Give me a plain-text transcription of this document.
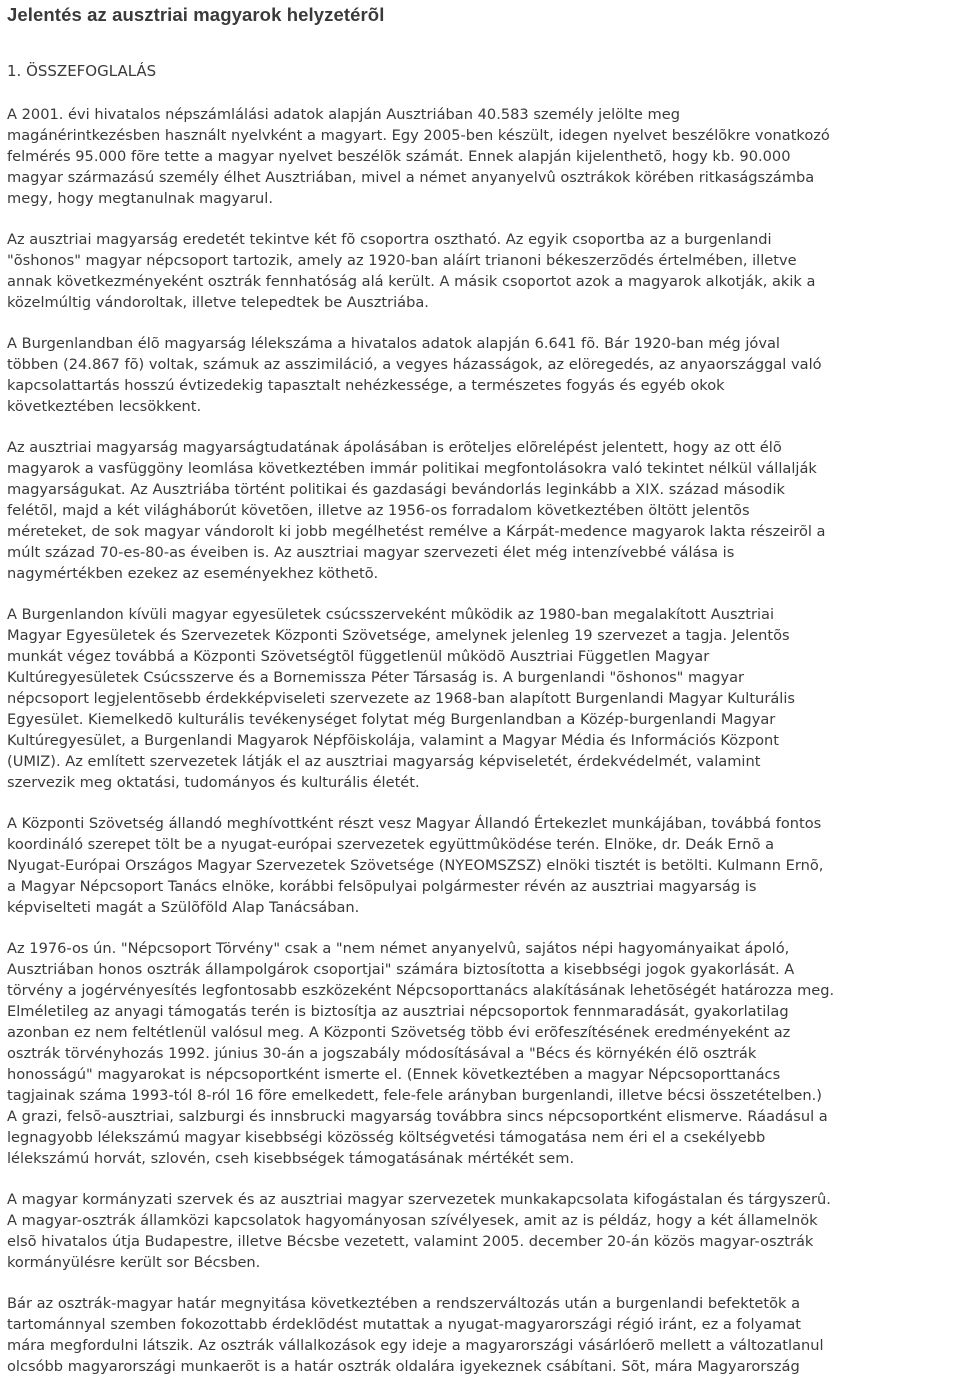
Jelentés az ausztriai magyarok helyzetérõl
1. ÖSSZEFOGLALÁS

A 2001. évi hivatalos népszámlálási adatok alapján Ausztriában 40.583 személy jelölte meg
magánérintkezésben használt nyelvként a magyart. Egy 2005-ben készült, idegen nyelvet beszélõkre vonatkozó
felmérés 95.000 fõre tette a magyar nyelvet beszélõk számát. Ennek alapján kijelenthetõ, hogy kb. 90.000
magyar származású személy élhet Ausztriában, mivel a német anyanyelvû osztrákok körében ritkaságszámba
megy, hogy megtanulnak magyarul.

Az ausztriai magyarság eredetét tekintve két fõ csoportra osztható. Az egyik csoportba az a burgenlandi
"õshonos" magyar népcsoport tartozik, amely az 1920-ban aláírt trianoni békeszerzõdés értelmében, illetve
annak következményeként osztrák fennhatóság alá került. A másik csoportot azok a magyarok alkotják, akik a
közelmúltig vándoroltak, illetve telepedtek be Ausztriába.

A Burgenlandban élõ magyarság lélekszáma a hivatalos adatok alapján 6.641 fõ. Bár 1920-ban még jóval
többen (24.867 fõ) voltak, számuk az asszimiláció, a vegyes házasságok, az elöregedés, az anyaországgal való
kapcsolattartás hosszú évtizedekig tapasztalt nehézkessége, a természetes fogyás és egyéb okok
következtében lecsökkent.

Az ausztriai magyarság magyarságtudatának ápolásában is erõteljes elõrelépést jelentett, hogy az ott élõ
magyarok a vasfüggöny leomlása következtében immár politikai megfontolásokra való tekintet nélkül vállalják
magyarságukat. Az Ausztriába történt politikai és gazdasági bevándorlás leginkább a XIX. század második
felétõl, majd a két világháborút követõen, illetve az 1956-os forradalom következtében öltött jelentõs
méreteket, de sok magyar vándorolt ki jobb megélhetést remélve a Kárpát-medence magyarok lakta részeirõl a
múlt század 70-es-80-as éveiben is. Az ausztriai magyar szervezeti élet még intenzívebbé válása is
nagymértékben ezekez az eseményekhez köthetõ.

A Burgenlandon kívüli magyar egyesületek csúcsszerveként mûködik az 1980-ban megalakított Ausztriai
Magyar Egyesületek és Szervezetek Központi Szövetsége, amelynek jelenleg 19 szervezet a tagja. Jelentõs
munkát végez továbbá a Központi Szövetségtõl függetlenül mûködõ Ausztriai Független Magyar
Kultúregyesületek Csúcsszerve és a Bornemissza Péter Társaság is. A burgenlandi "õshonos" magyar
népcsoport legjelentõsebb érdekképviseleti szervezete az 1968-ban alapított Burgenlandi Magyar Kulturális
Egyesület. Kiemelkedõ kulturális tevékenységet folytat még Burgenlandban a Közép-burgenlandi Magyar
Kultúregyesület, a Burgenlandi Magyarok Népfõiskolája, valamint a Magyar Média és Információs Központ
(UMIZ). Az említett szervezetek látják el az ausztriai magyarság képviseletét, érdekvédelmét, valamint
szervezik meg oktatási, tudományos és kulturális életét.

A Központi Szövetség állandó meghívottként részt vesz Magyar Állandó Értekezlet munkájában, továbbá fontos
koordináló szerepet tölt be a nyugat-európai szervezetek együttmûködése terén. Elnöke, dr. Deák Ernõ a
Nyugat-Európai Országos Magyar Szervezetek Szövetsége (NYEOMSZSZ) elnöki tisztét is betölti. Kulmann Ernõ,
a Magyar Népcsoport Tanács elnöke, korábbi felsõpulyai polgármester révén az ausztriai magyarság is
képviselteti magát a Szülõföld Alap Tanácsában.

Az 1976-os ún. "Népcsoport Törvény" csak a "nem német anyanyelvû, sajátos népi hagyományaikat ápoló,
Ausztriában honos osztrák állampolgárok csoportjai" számára biztosította a kisebbségi jogok gyakorlását. A
törvény a jogérvényesítés legfontosabb eszközeként Népcsoporttanács alakításának lehetõségét határozza meg.
Elméletileg az anyagi támogatás terén is biztosítja az ausztriai népcsoportok fennmaradását, gyakorlatilag
azonban ez nem feltétlenül valósul meg. A Központi Szövetség több évi erõfeszítésének eredményeként az
osztrák törvényhozás 1992. június 30-án a jogszabály módosításával a "Bécs és környékén élõ osztrák
honosságú" magyarokat is népcsoportként ismerte el. (Ennek következtében a magyar Népcsoporttanács
tagjainak száma 1993-tól 8-ról 16 fõre emelkedett, fele-fele arányban burgenlandi, illetve bécsi összetételben.)
A grazi, felsõ-ausztriai, salzburgi és innsbrucki magyarság továbbra sincs népcsoportként elismerve. Ráadásul a
legnagyobb lélekszámú magyar kisebbségi közösség költségvetési támogatása nem éri el a csekélyebb
lélekszámú horvát, szlovén, cseh kisebbségek támogatásának mértékét sem.

A magyar kormányzati szervek és az ausztriai magyar szervezetek munkakapcsolata kifogástalan és tárgyszerû.
A magyar-osztrák államközi kapcsolatok hagyományosan szívélyesek, amit az is példáz, hogy a két államelnök
elsõ hivatalos útja Budapestre, illetve Bécsbe vezetett, valamint 2005. december 20-án közös magyar-osztrák
kormányülésre került sor Bécsben.

Bár az osztrák-magyar határ megnyitása következtében a rendszerváltozás után a burgenlandi befektetõk a
tartománnyal szemben fokozottabb érdeklõdést mutattak a nyugat-magyarországi régió iránt, ez a folyamat
mára megfordulni látszik. Az osztrák vállalkozások egy ideje a magyarországi vásárlóerõ mellett a változatlanul
olcsóbb magyarországi munkaerõt is a határ osztrák oldalára igyekeznek csábítani. Sõt, mára Magyarország
